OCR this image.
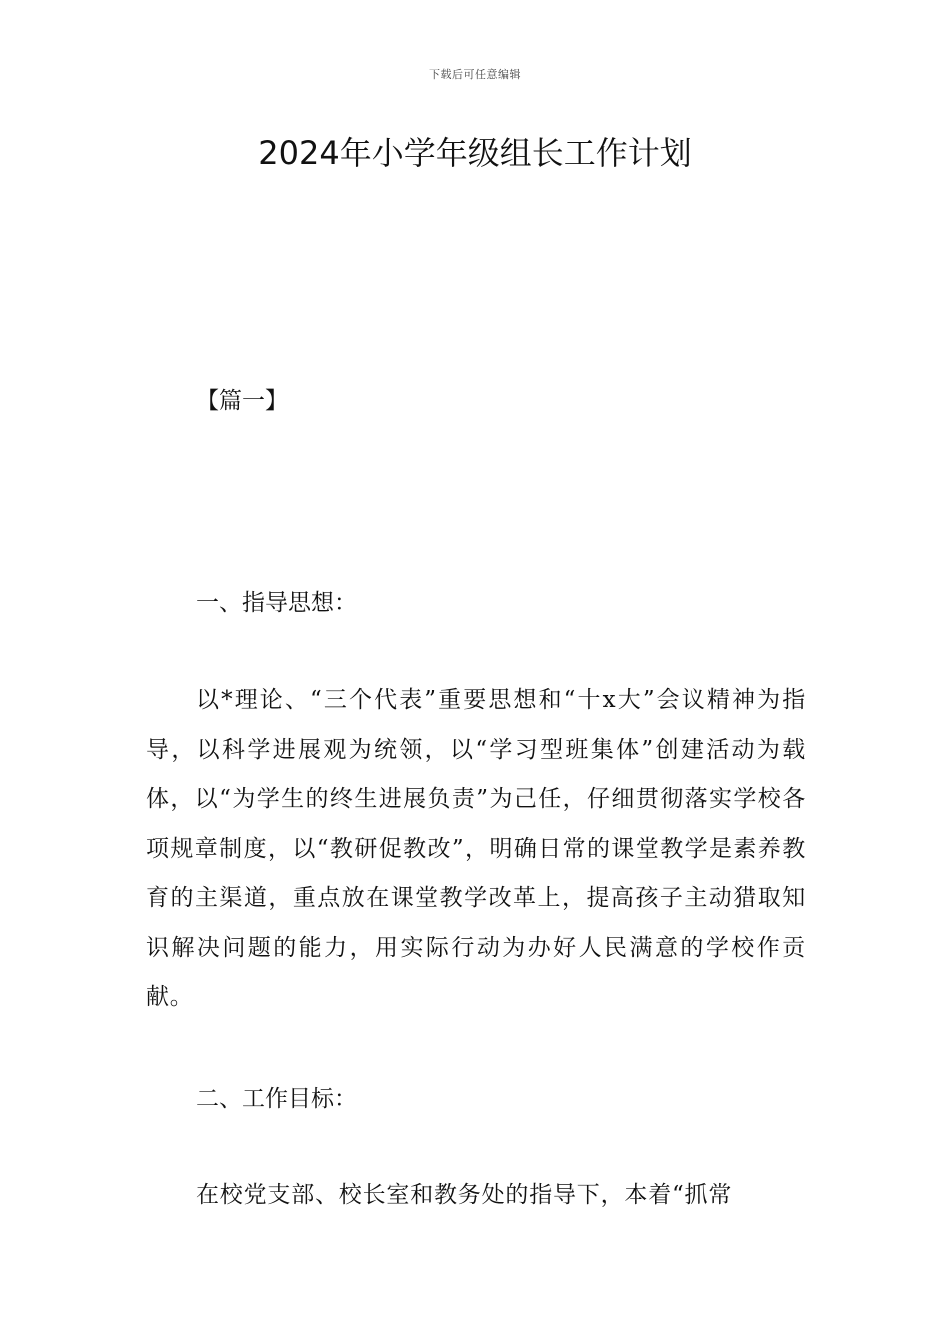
下载后可任意编辑
2024年小学年级组长工作计划

【篇一】

一、指导思想：

以*理论、“三个代表”重要思想和“十x大”会议精神为指导，以科学进展观为统领，以“学习型班集体”创建活动为载体，以“为学生的终生进展负责”为己任，仔细贯彻落实学校各项规章制度，以“教研促教改”，明确日常的课堂教学是素养教育的主渠道，重点放在课堂教学改革上，提高孩子主动猎取知识解决问题的能力，用实际行动为办好人民满意的学校作贡献。

二、工作目标：

在校党支部、校长室和教务处的指导下，本着“抓常
